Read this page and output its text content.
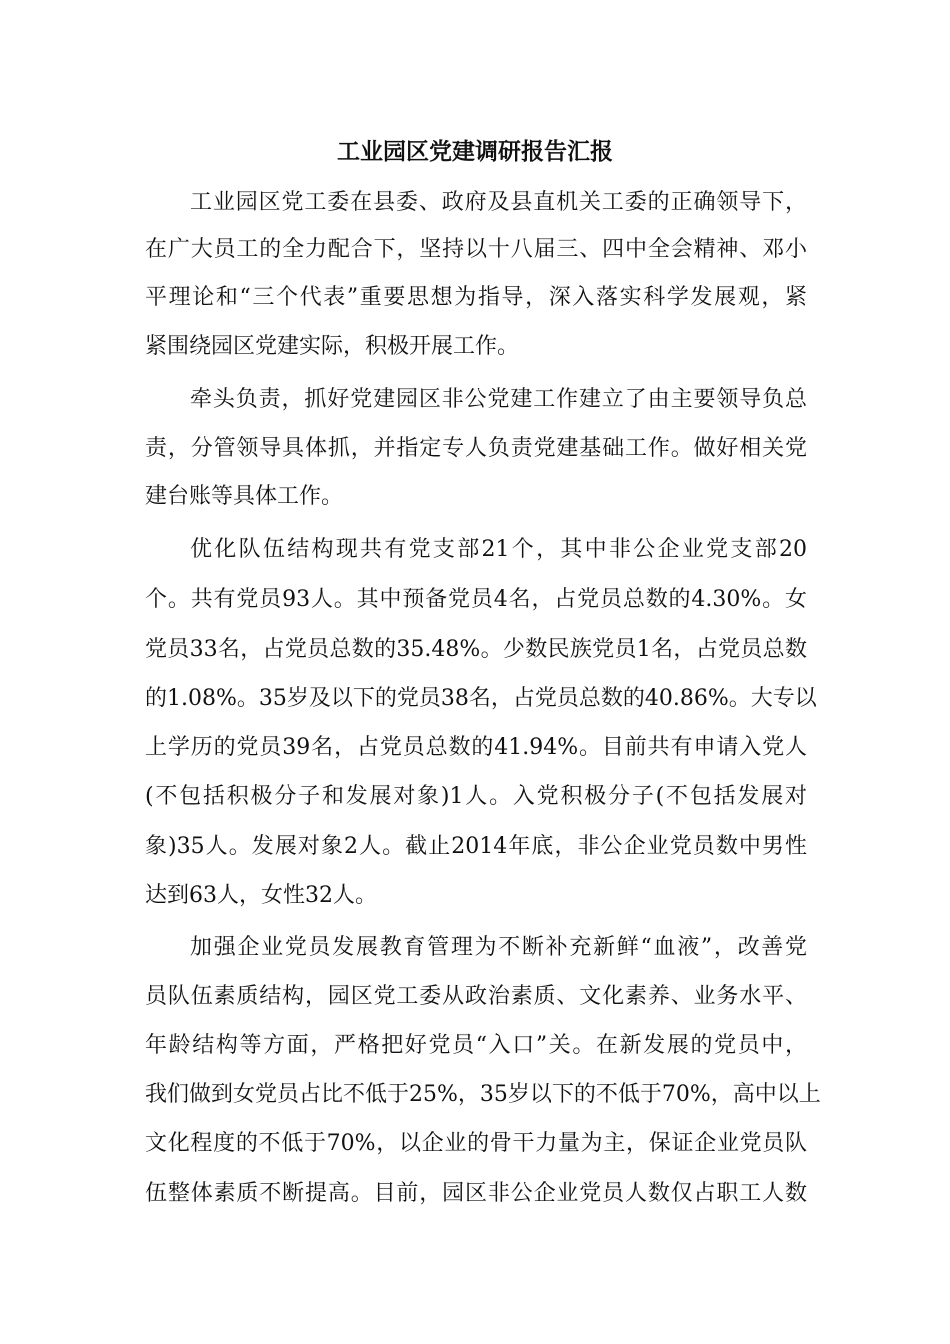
工业园区党建调研报告汇报
工业园区党工委在县委、政府及县直机关工委的正确领导下，
在广大员工的全力配合下，坚持以十八届三、四中全会精神、邓小
平理论和“三个代表”重要思想为指导，深入落实科学发展观，紧
紧围绕园区党建实际，积极开展工作。
牵头负责，抓好党建园区非公党建工作建立了由主要领导负总
责，分管领导具体抓，并指定专人负责党建基础工作。做好相关党
建台账等具体工作。
优化队伍结构现共有党支部21个，其中非公企业党支部20
个。共有党员93人。其中预备党员4名，占党员总数的4.30%。女
党员33名，占党员总数的35.48%。少数民族党员1名，占党员总数
的1.08%。35岁及以下的党员38名，占党员总数的40.86%。大专以
上学历的党员39名，占党员总数的41.94%。目前共有申请入党人
(不包括积极分子和发展对象)1人。入党积极分子(不包括发展对
象)35人。发展对象2人。截止2014年底，非公企业党员数中男性
达到63人，女性32人。
加强企业党员发展教育管理为不断补充新鲜“血液”，改善党
员队伍素质结构，园区党工委从政治素质、文化素养、业务水平、
年龄结构等方面，严格把好党员“入口”关。在新发展的党员中，
我们做到女党员占比不低于25%，35岁以下的不低于70%，高中以上
文化程度的不低于70%，以企业的骨干力量为主，保证企业党员队
伍整体素质不断提高。目前，园区非公企业党员人数仅占职工人数
